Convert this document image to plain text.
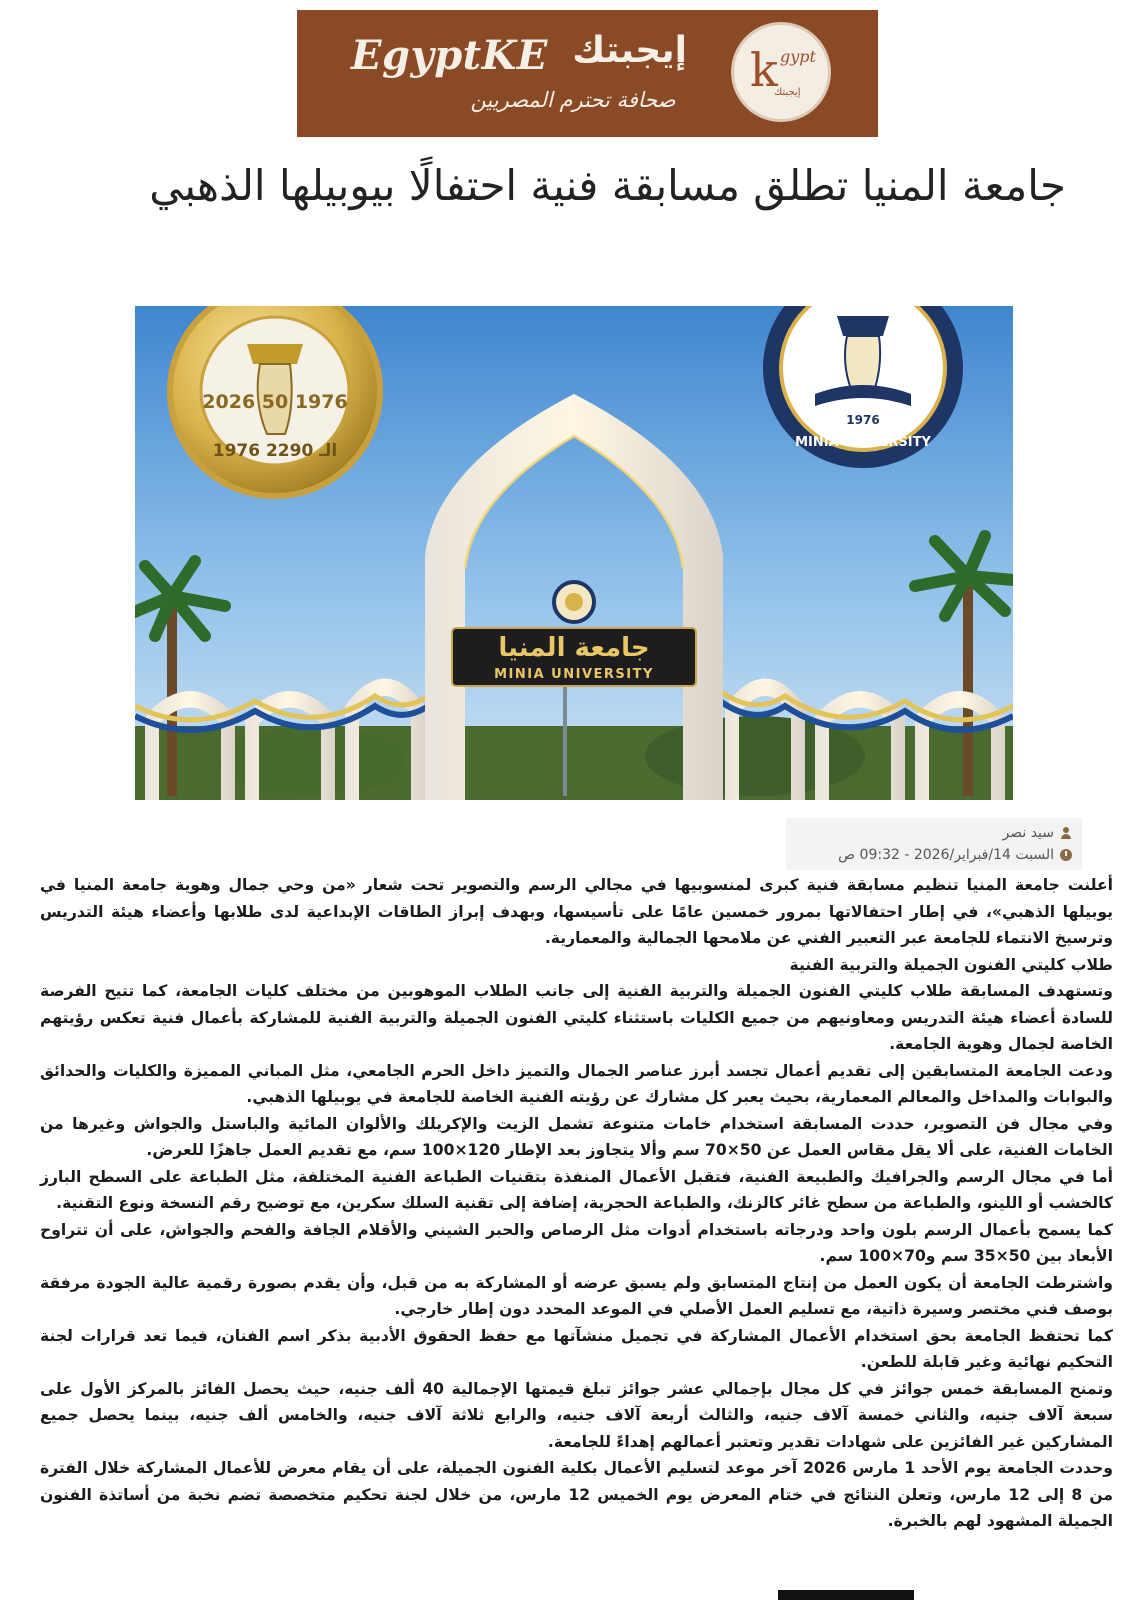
EgyptKE إيجبتك
صحافة تحترم المصريين
k gypt
إيجبتك
جامعة المنيا تطلق مسابقة فنية احتفالًا بيوبيلها الذهبي
جامعة المنيا
MINIA UNIVERSITY
2026 50 1976
1976 الـ 2290
1976
MINIA UNIVERSITY
سيد نصر
السبت 14/فبراير/2026 - 09:32 ص

أعلنت جامعة المنيا تنظيم مسابقة فنية كبرى لمنسوبيها في مجالي الرسم والتصوير تحت شعار «من وحي جمال وهوية جامعة المنيا في يوبيلها الذهبي»، في إطار احتفالاتها بمرور خمسين عامًا على تأسيسها، وبهدف إبراز الطاقات الإبداعية لدى طلابها وأعضاء هيئة التدريس وترسيخ الانتماء للجامعة عبر التعبير الفني عن ملامحها الجمالية والمعمارية.

طلاب كليتي الفنون الجميلة والتربية الفنية

وتستهدف المسابقة طلاب كليتي الفنون الجميلة والتربية الفنية إلى جانب الطلاب الموهوبين من مختلف كليات الجامعة، كما تتيح الفرصة للسادة أعضاء هيئة التدريس ومعاونيهم من جميع الكليات باستثناء كليتي الفنون الجميلة والتربية الفنية للمشاركة بأعمال فنية تعكس رؤيتهم الخاصة لجمال وهوية الجامعة.

ودعت الجامعة المتسابقين إلى تقديم أعمال تجسد أبرز عناصر الجمال والتميز داخل الحرم الجامعي، مثل المباني المميزة والكليات والحدائق والبوابات والمداخل والمعالم المعمارية، بحيث يعبر كل مشارك عن رؤيته الفنية الخاصة للجامعة في يوبيلها الذهبي.

وفي مجال فن التصوير، حددت المسابقة استخدام خامات متنوعة تشمل الزيت والإكريلك والألوان المائية والباستل والجواش وغيرها من الخامات الفنية، على ألا يقل مقاس العمل عن 50×70 سم وألا يتجاوز بعد الإطار 120×100 سم، مع تقديم العمل جاهزًا للعرض.

أما في مجال الرسم والجرافيك والطبيعة الفنية، فتقبل الأعمال المنفذة بتقنيات الطباعة الفنية المختلفة، مثل الطباعة على السطح البارز كالخشب أو اللينو، والطباعة من سطح غائر كالزنك، والطباعة الحجرية، إضافة إلى تقنية السلك سكرين، مع توضيح رقم النسخة ونوع التقنية.

كما يسمح بأعمال الرسم بلون واحد ودرجاته باستخدام أدوات مثل الرصاص والحبر الشيني والأقلام الجافة والفحم والجواش، على أن تتراوح الأبعاد بين 50×35 سم و70×100 سم.

واشترطت الجامعة أن يكون العمل من إنتاج المتسابق ولم يسبق عرضه أو المشاركة به من قبل، وأن يقدم بصورة رقمية عالية الجودة مرفقة بوصف فني مختصر وسيرة ذاتية، مع تسليم العمل الأصلي في الموعد المحدد دون إطار خارجي.

كما تحتفظ الجامعة بحق استخدام الأعمال المشاركة في تجميل منشآتها مع حفظ الحقوق الأدبية بذكر اسم الفنان، فيما تعد قرارات لجنة التحكيم نهائية وغير قابلة للطعن.

وتمنح المسابقة خمس جوائز في كل مجال بإجمالي عشر جوائز تبلغ قيمتها الإجمالية 40 ألف جنيه، حيث يحصل الفائز بالمركز الأول على سبعة آلاف جنيه، والثاني خمسة آلاف جنيه، والثالث أربعة آلاف جنيه، والرابع ثلاثة آلاف جنيه، والخامس ألف جنيه، بينما يحصل جميع المشاركين غير الفائزين على شهادات تقدير وتعتبر أعمالهم إهداءً للجامعة.

وحددت الجامعة يوم الأحد 1 مارس 2026 آخر موعد لتسليم الأعمال بكلية الفنون الجميلة، على أن يقام معرض للأعمال المشاركة خلال الفترة من 8 إلى 12 مارس، وتعلن النتائج في ختام المعرض يوم الخميس 12 مارس، من خلال لجنة تحكيم متخصصة تضم نخبة من أساتذة الفنون الجميلة المشهود لهم بالخبرة.
